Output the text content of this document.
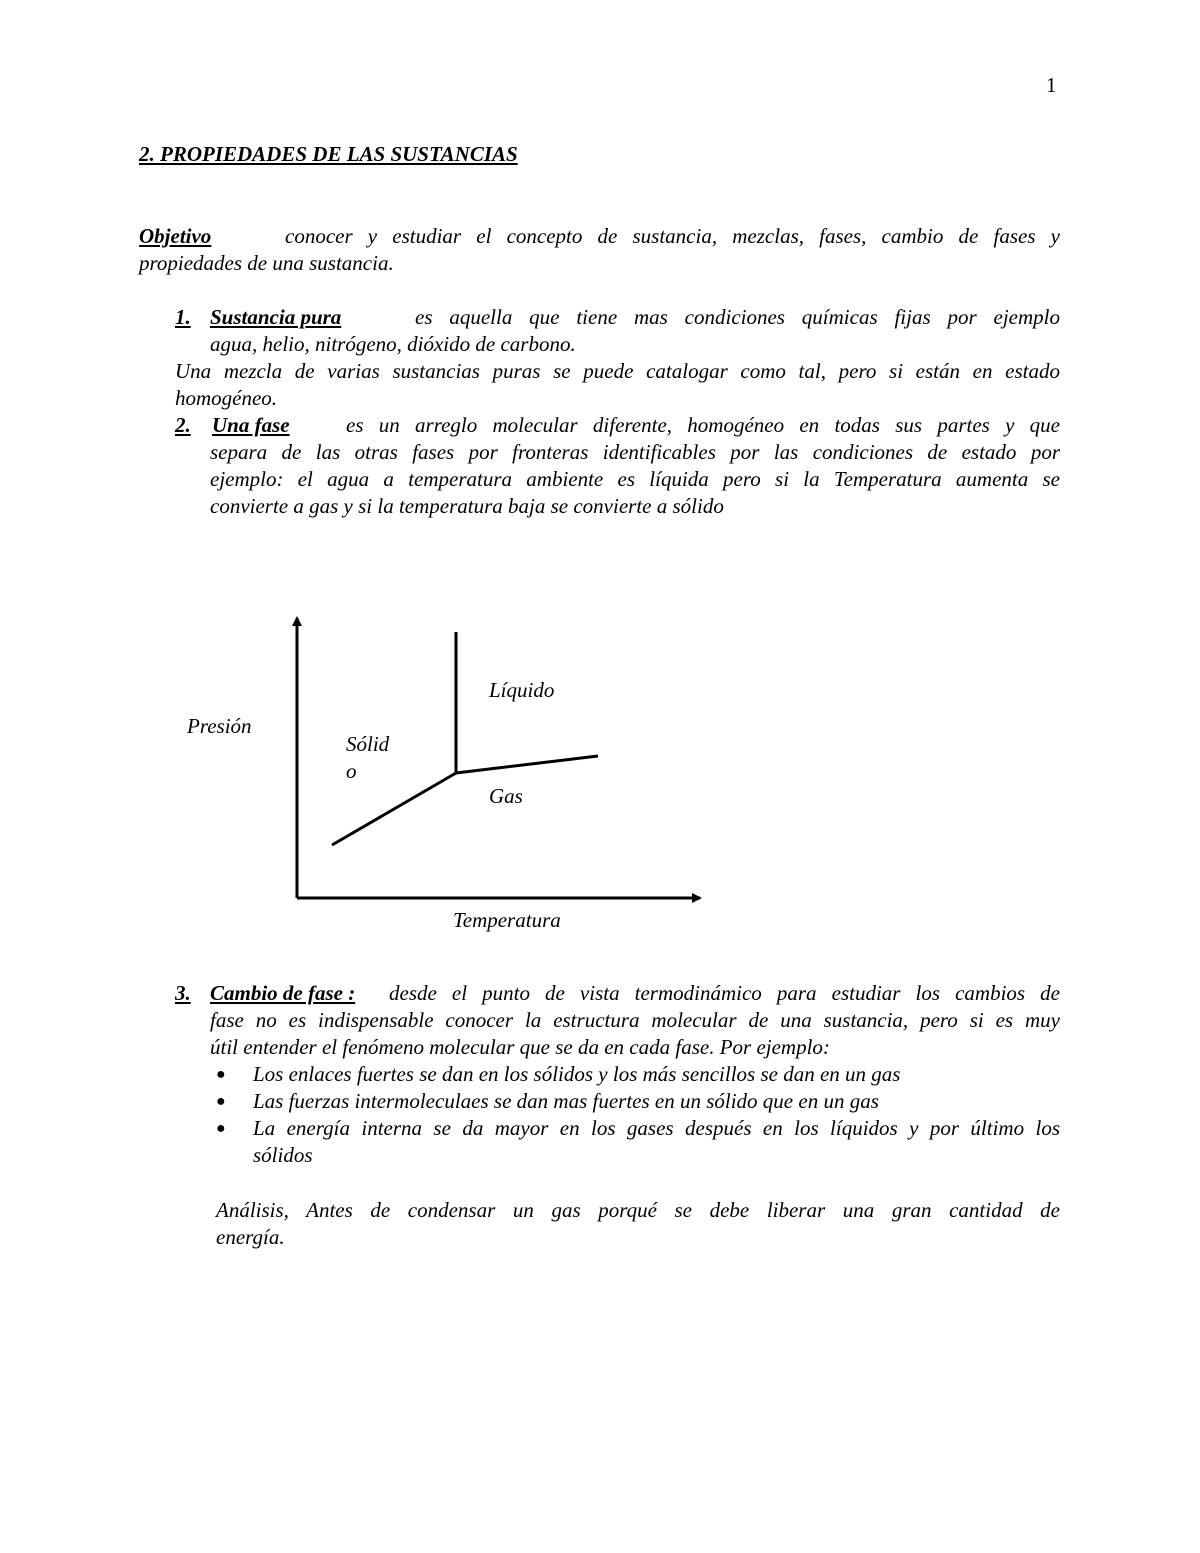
1
2. PROPIEDADES DE LAS SUSTANCIAS
Objetivo	conocer y estudiar el concepto de sustancia, mezclas, fases, cambio de fases y
propiedades de una sustancia.
1. Sustancia pura	es aquella que tiene mas condiciones químicas fijas por ejemplo
agua, helio, nitrógeno, dióxido de carbono.
Una mezcla de varias sustancias puras se puede catalogar como tal, pero si están en estado
homogéneo.
2. Una fase	es un arreglo molecular diferente, homogéneo en todas sus partes y que
separa de las otras fases por fronteras identificables por las condiciones de estado por
ejemplo: el agua a temperatura ambiente es líquida pero si la Temperatura aumenta se
convierte a gas y si la temperatura baja se convierte a sólido
Presión
Temperatura
Líquido
Sólid
o
Gas
3. Cambio de fase : desde el punto de vista termodinámico para estudiar los cambios de
fase no es indispensable conocer la estructura molecular de una sustancia, pero si es muy
útil entender el fenómeno molecular que se da en cada fase. Por ejemplo:
● Los enlaces fuertes se dan en los sólidos y los más sencillos se dan en un gas
● Las fuerzas intermoleculaes se dan mas fuertes en un sólido que en un gas
● La energía interna se da mayor en los gases después en los líquidos y por último los
sólidos
Análisis, Antes de condensar un gas porqué se debe liberar una gran cantidad de
energía.
